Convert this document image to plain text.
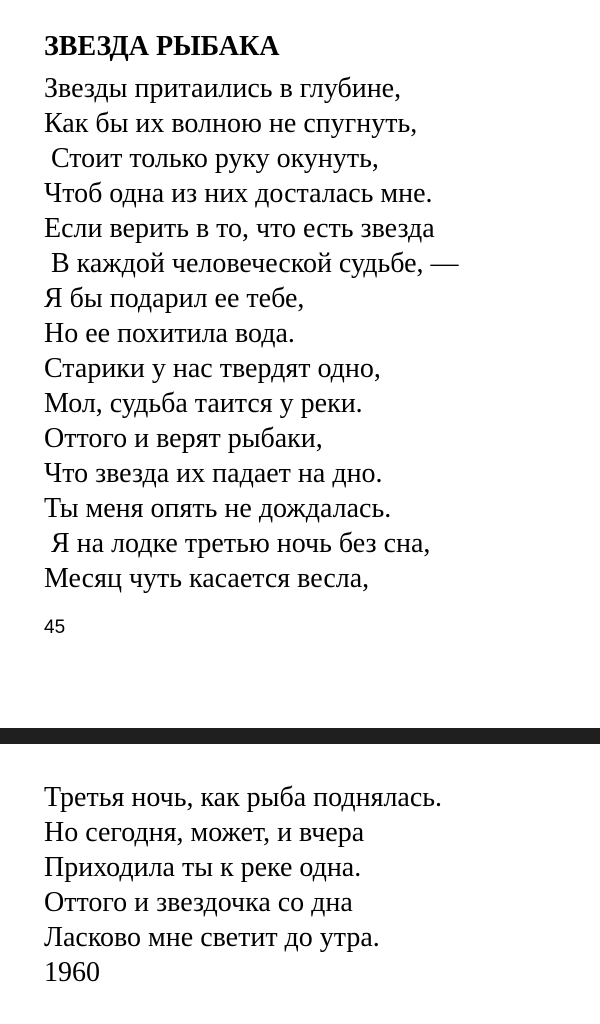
ЗВЕЗДА РЫБАКА
Звезды притаились в глубине,
Как бы их волною не спугнуть,
Стоит только руку окунуть,
Чтоб одна из них досталась мне.
Если верить в то, что есть звезда
В каждой человеческой судьбе, —
Я бы подарил ее тебе,
Но ее похитила вода.
Старики у нас твердят одно,
Мол, судьба таится у реки.
Оттого и верят рыбаки,
Что звезда их падает на дно.
Ты меня опять не дождалась.
Я на лодке третью ночь без сна,
Месяц чуть касается весла,
45
Третья ночь, как рыба поднялась.
Но сегодня, может, и вчера
Приходила ты к реке одна.
Оттого и звездочка со дна
Ласково мне светит до утра.
1960
